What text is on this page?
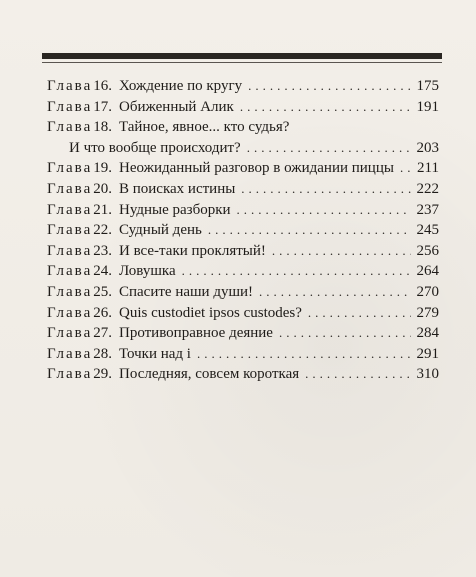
Глава 16. Хождение по кругу .....	175
Глава 17. Обиженный Алик .....	191
Глава 18. Тайное, явное... кто судья?
И что вообще происходит? .....	203
Глава 19. Неожиданный разговор в ожидании пиццы ..... 211
Глава 20. В поисках истины .....	222
Глава 21. Нудные разборки .....	237
Глава 22. Судный день .....	245
Глава 23. И все-таки проклятый! .....	256
Глава 24. Ловушка .....	264
Глава 25. Спасите наши души! .....	270
Глава 26. Quis custodiet ipsos custodes? .....	279
Глава 27. Противоправное деяние .....	284
Глава 28. Точки над i .....	291
Глава 29. Последняя, совсем короткая .....	310
